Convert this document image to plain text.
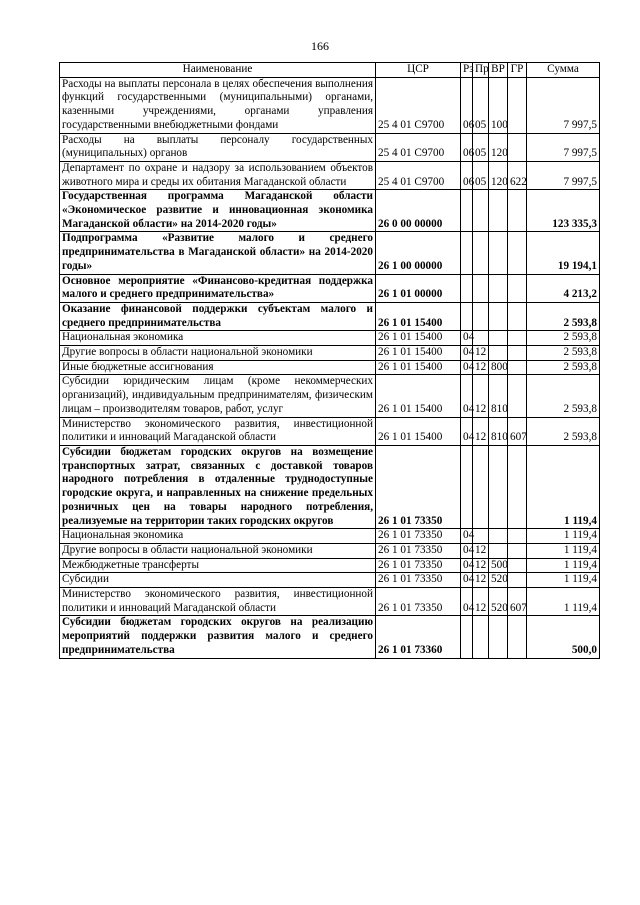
166
Наименование	ЦСР	Рз	Пр	ВР	ГР	Сумма
Расходы на выплаты персонала в целях обеспечения выполнения функций государственными (муниципальными) органами, казенными учреждениями, органами управления государственными внебюджетными фондами	25 4 01 С9700	06	05	100		7 997,5
Расходы на выплаты персоналу государственных (муниципальных) органов	25 4 01 С9700	06	05	120		7 997,5
Департамент по охране и надзору за использованием объектов животного мира и среды их обитания Магаданской области	25 4 01 С9700	06	05	120	622	7 997,5
Государственная программа Магаданской области «Экономическое развитие и инновационная экономика Магаданской области» на 2014-2020 годы»	26 0 00 00000					123 335,3
Подпрограмма «Развитие малого и среднего предпринимательства в Магаданской области» на 2014-2020 годы»	26 1 00 00000					19 194,1
Основное мероприятие «Финансово-кредитная поддержка малого и среднего предпринимательства»	26 1 01 00000					4 213,2
Оказание финансовой поддержки субъектам малого и среднего предпринимательства	26 1 01 15400					2 593,8
Национальная экономика	26 1 01 15400	04				2 593,8
Другие вопросы в области национальной экономики	26 1 01 15400	04	12			2 593,8
Иные бюджетные ассигнования	26 1 01 15400	04	12	800		2 593,8
Субсидии юридическим лицам (кроме некоммерческих организаций), индивидуальным предпринимателям, физическим лицам – производителям товаров, работ, услуг	26 1 01 15400	04	12	810		2 593,8
Министерство экономического развития, инвестиционной политики и инноваций Магаданской области	26 1 01 15400	04	12	810	607	2 593,8
Субсидии бюджетам городских округов на возмещение транспортных затрат, связанных с доставкой товаров народного потребления в отдаленные труднодоступные городские округа, и направленных на снижение предельных розничных цен на товары народного потребления, реализуемые на территории таких городских округов	26 1 01 73350					1 119,4
Национальная экономика	26 1 01 73350	04				1 119,4
Другие вопросы в области национальной экономики	26 1 01 73350	04	12			1 119,4
Межбюджетные трансферты	26 1 01 73350	04	12	500		1 119,4
Субсидии	26 1 01 73350	04	12	520		1 119,4
Министерство экономического развития, инвестиционной политики и инноваций Магаданской области	26 1 01 73350	04	12	520	607	1 119,4
Субсидии бюджетам городских округов на реализацию мероприятий поддержки развития малого и среднего предпринимательства	26 1 01 73360					500,0
